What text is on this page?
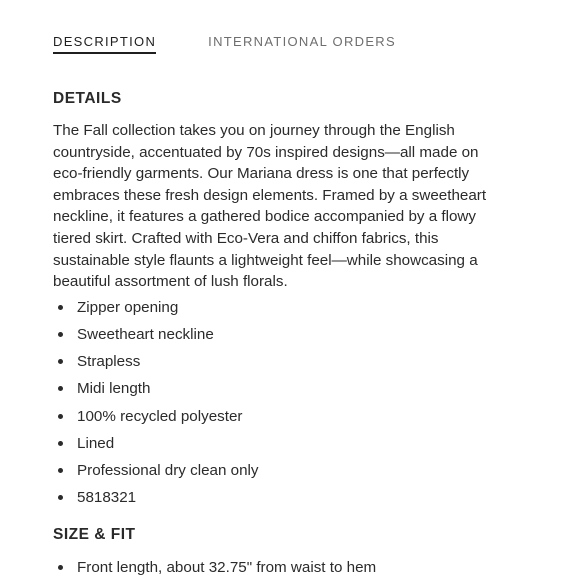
DESCRIPTION	INTERNATIONAL ORDERS
DETAILS

The Fall collection takes you on journey through the English countryside, accentuated by 70s inspired designs—all made on eco-friendly garments. Our Mariana dress is one that perfectly embraces these fresh design elements. Framed by a sweetheart neckline, it features a gathered bodice accompanied by a flowy tiered skirt. Crafted with Eco-Vera and chiffon fabrics, this sustainable style flaunts a lightweight feel—while showcasing a beautiful assortment of lush florals.

Zipper opening
Sweetheart neckline
Strapless
Midi length
100% recycled polyester
Lined
Professional dry clean only
5818321
SIZE & FIT
Front length, about 32.75" from waist to hem
